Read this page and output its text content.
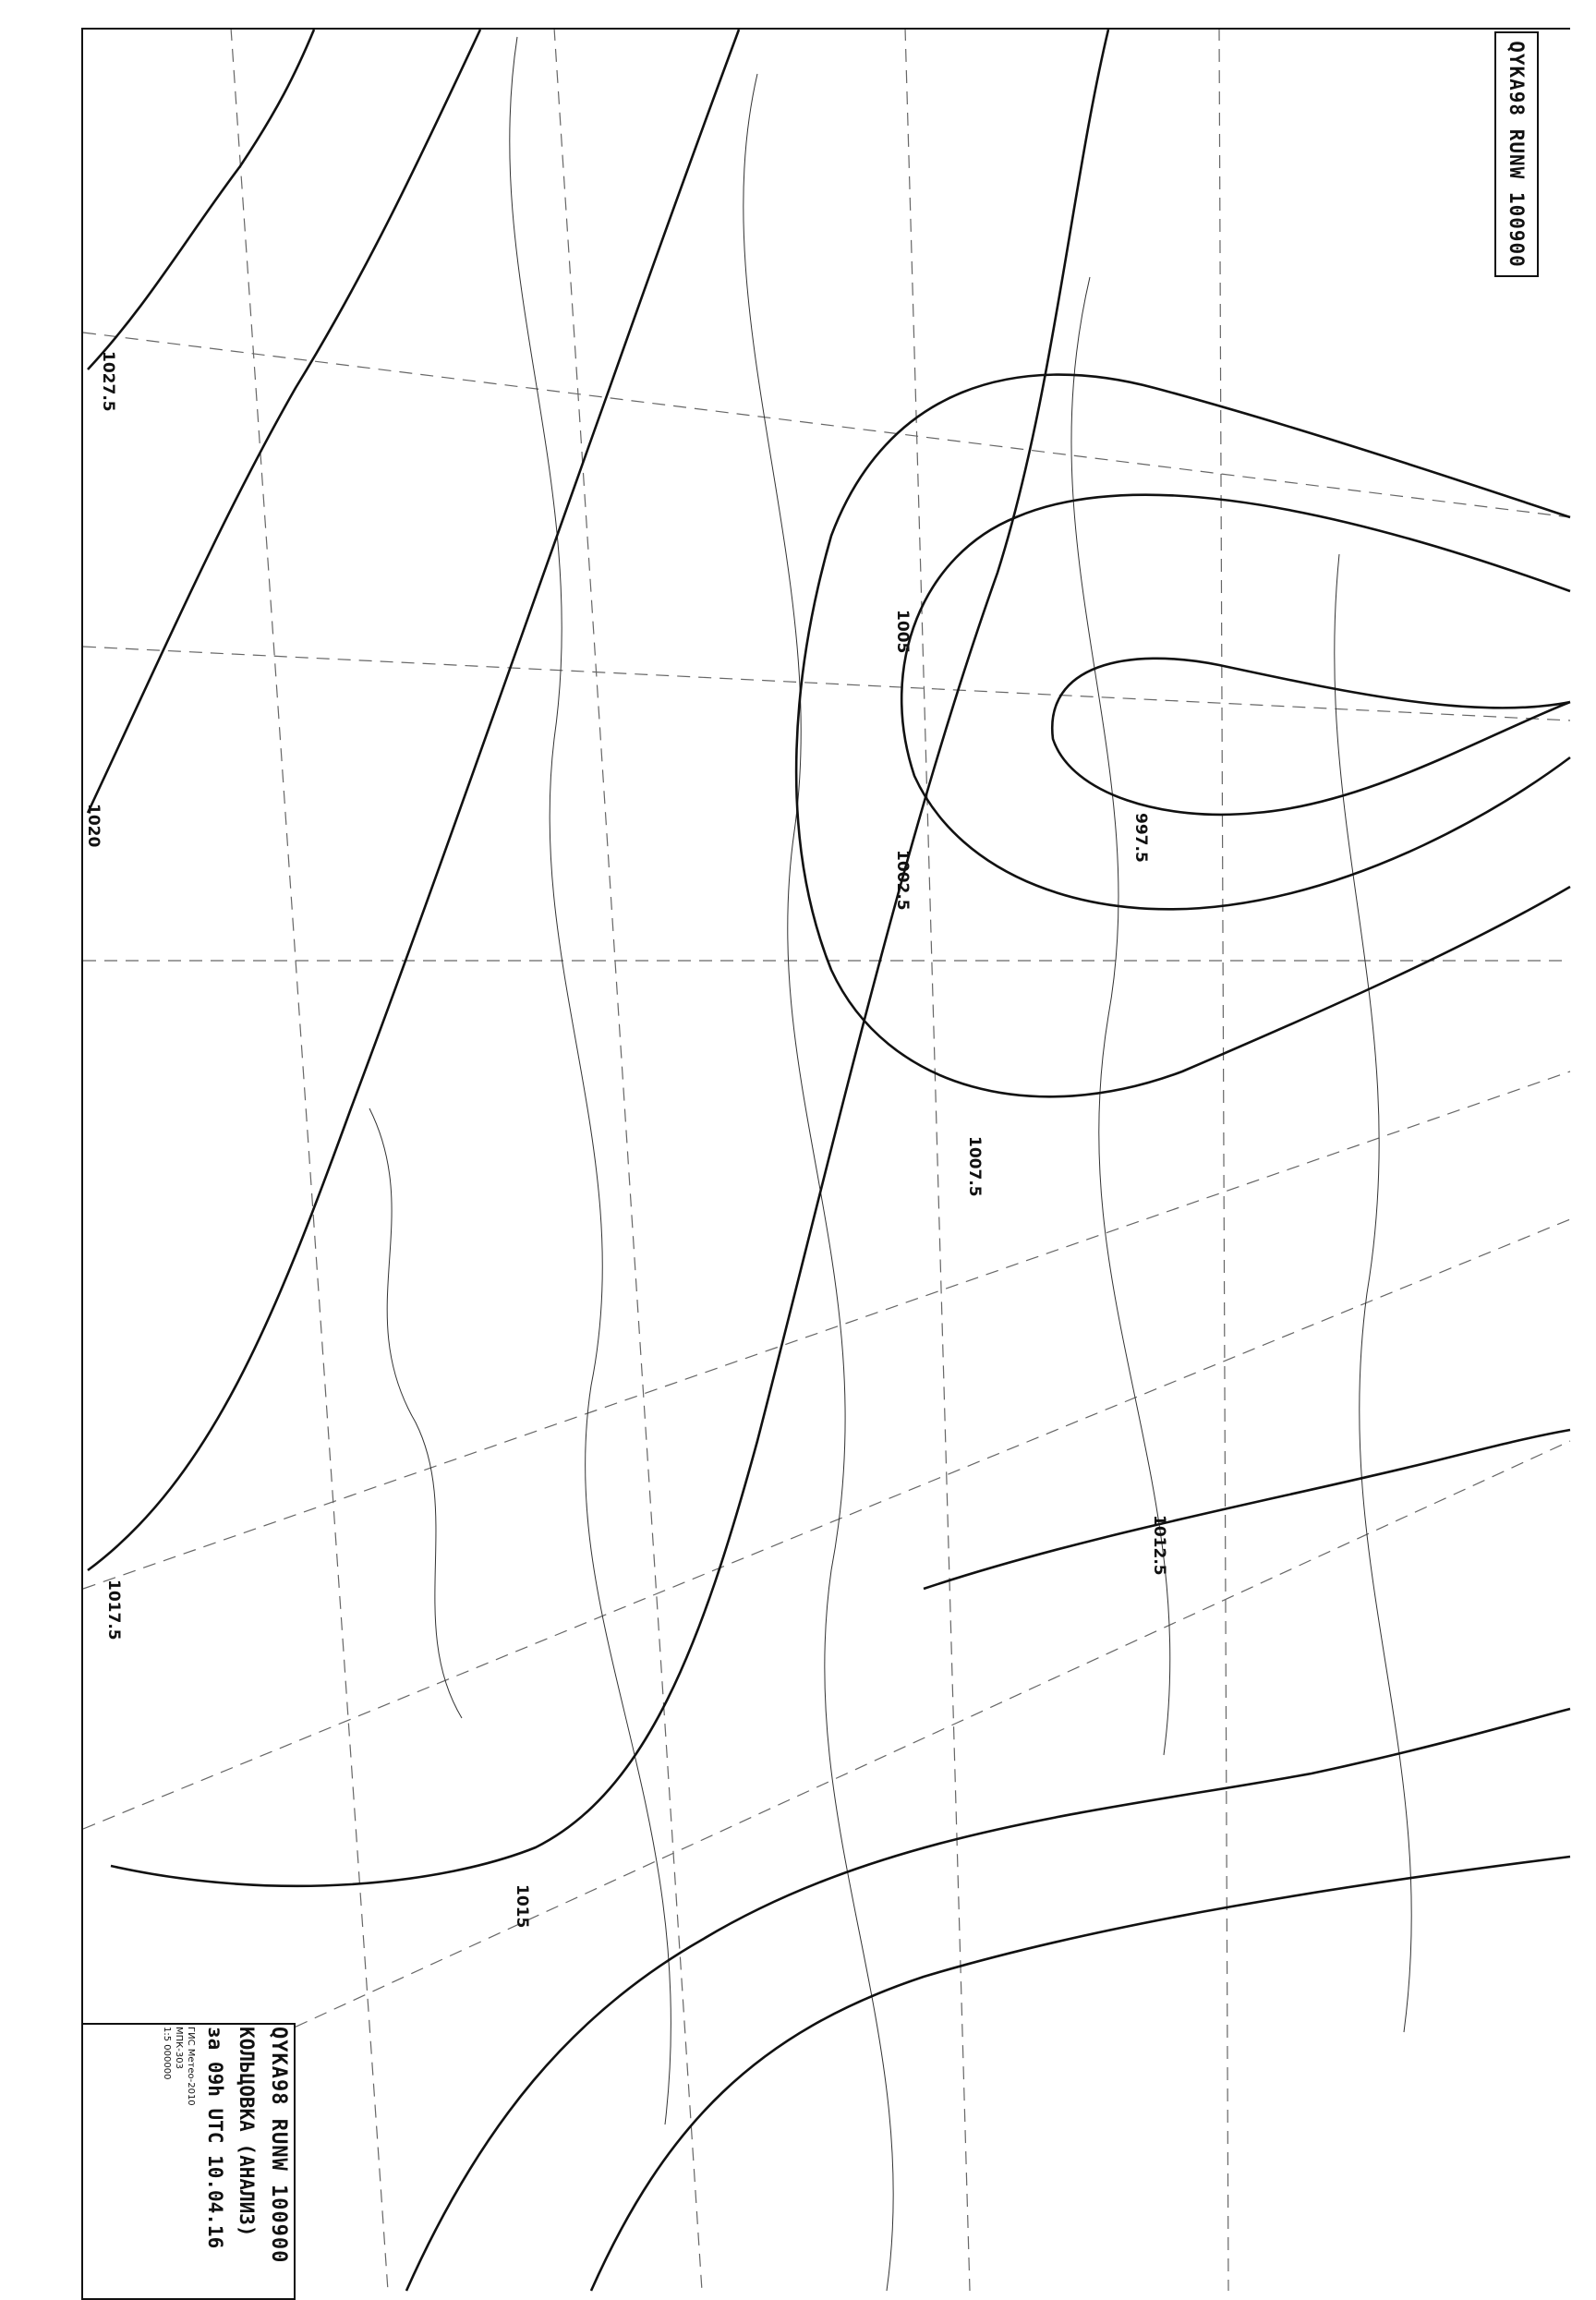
1027.5
1020
1017.5
1015
1012.5
1007.5
1005
1002.5
997.5
QYKA98 RUNW 100900
QYKA98 RUNW 100900
КОЛЬЦОВКА (АНАЛИЗ)
за 09h UTC 10.04.16
ГИС Метео-2010
МПК-303
1:5 000000
